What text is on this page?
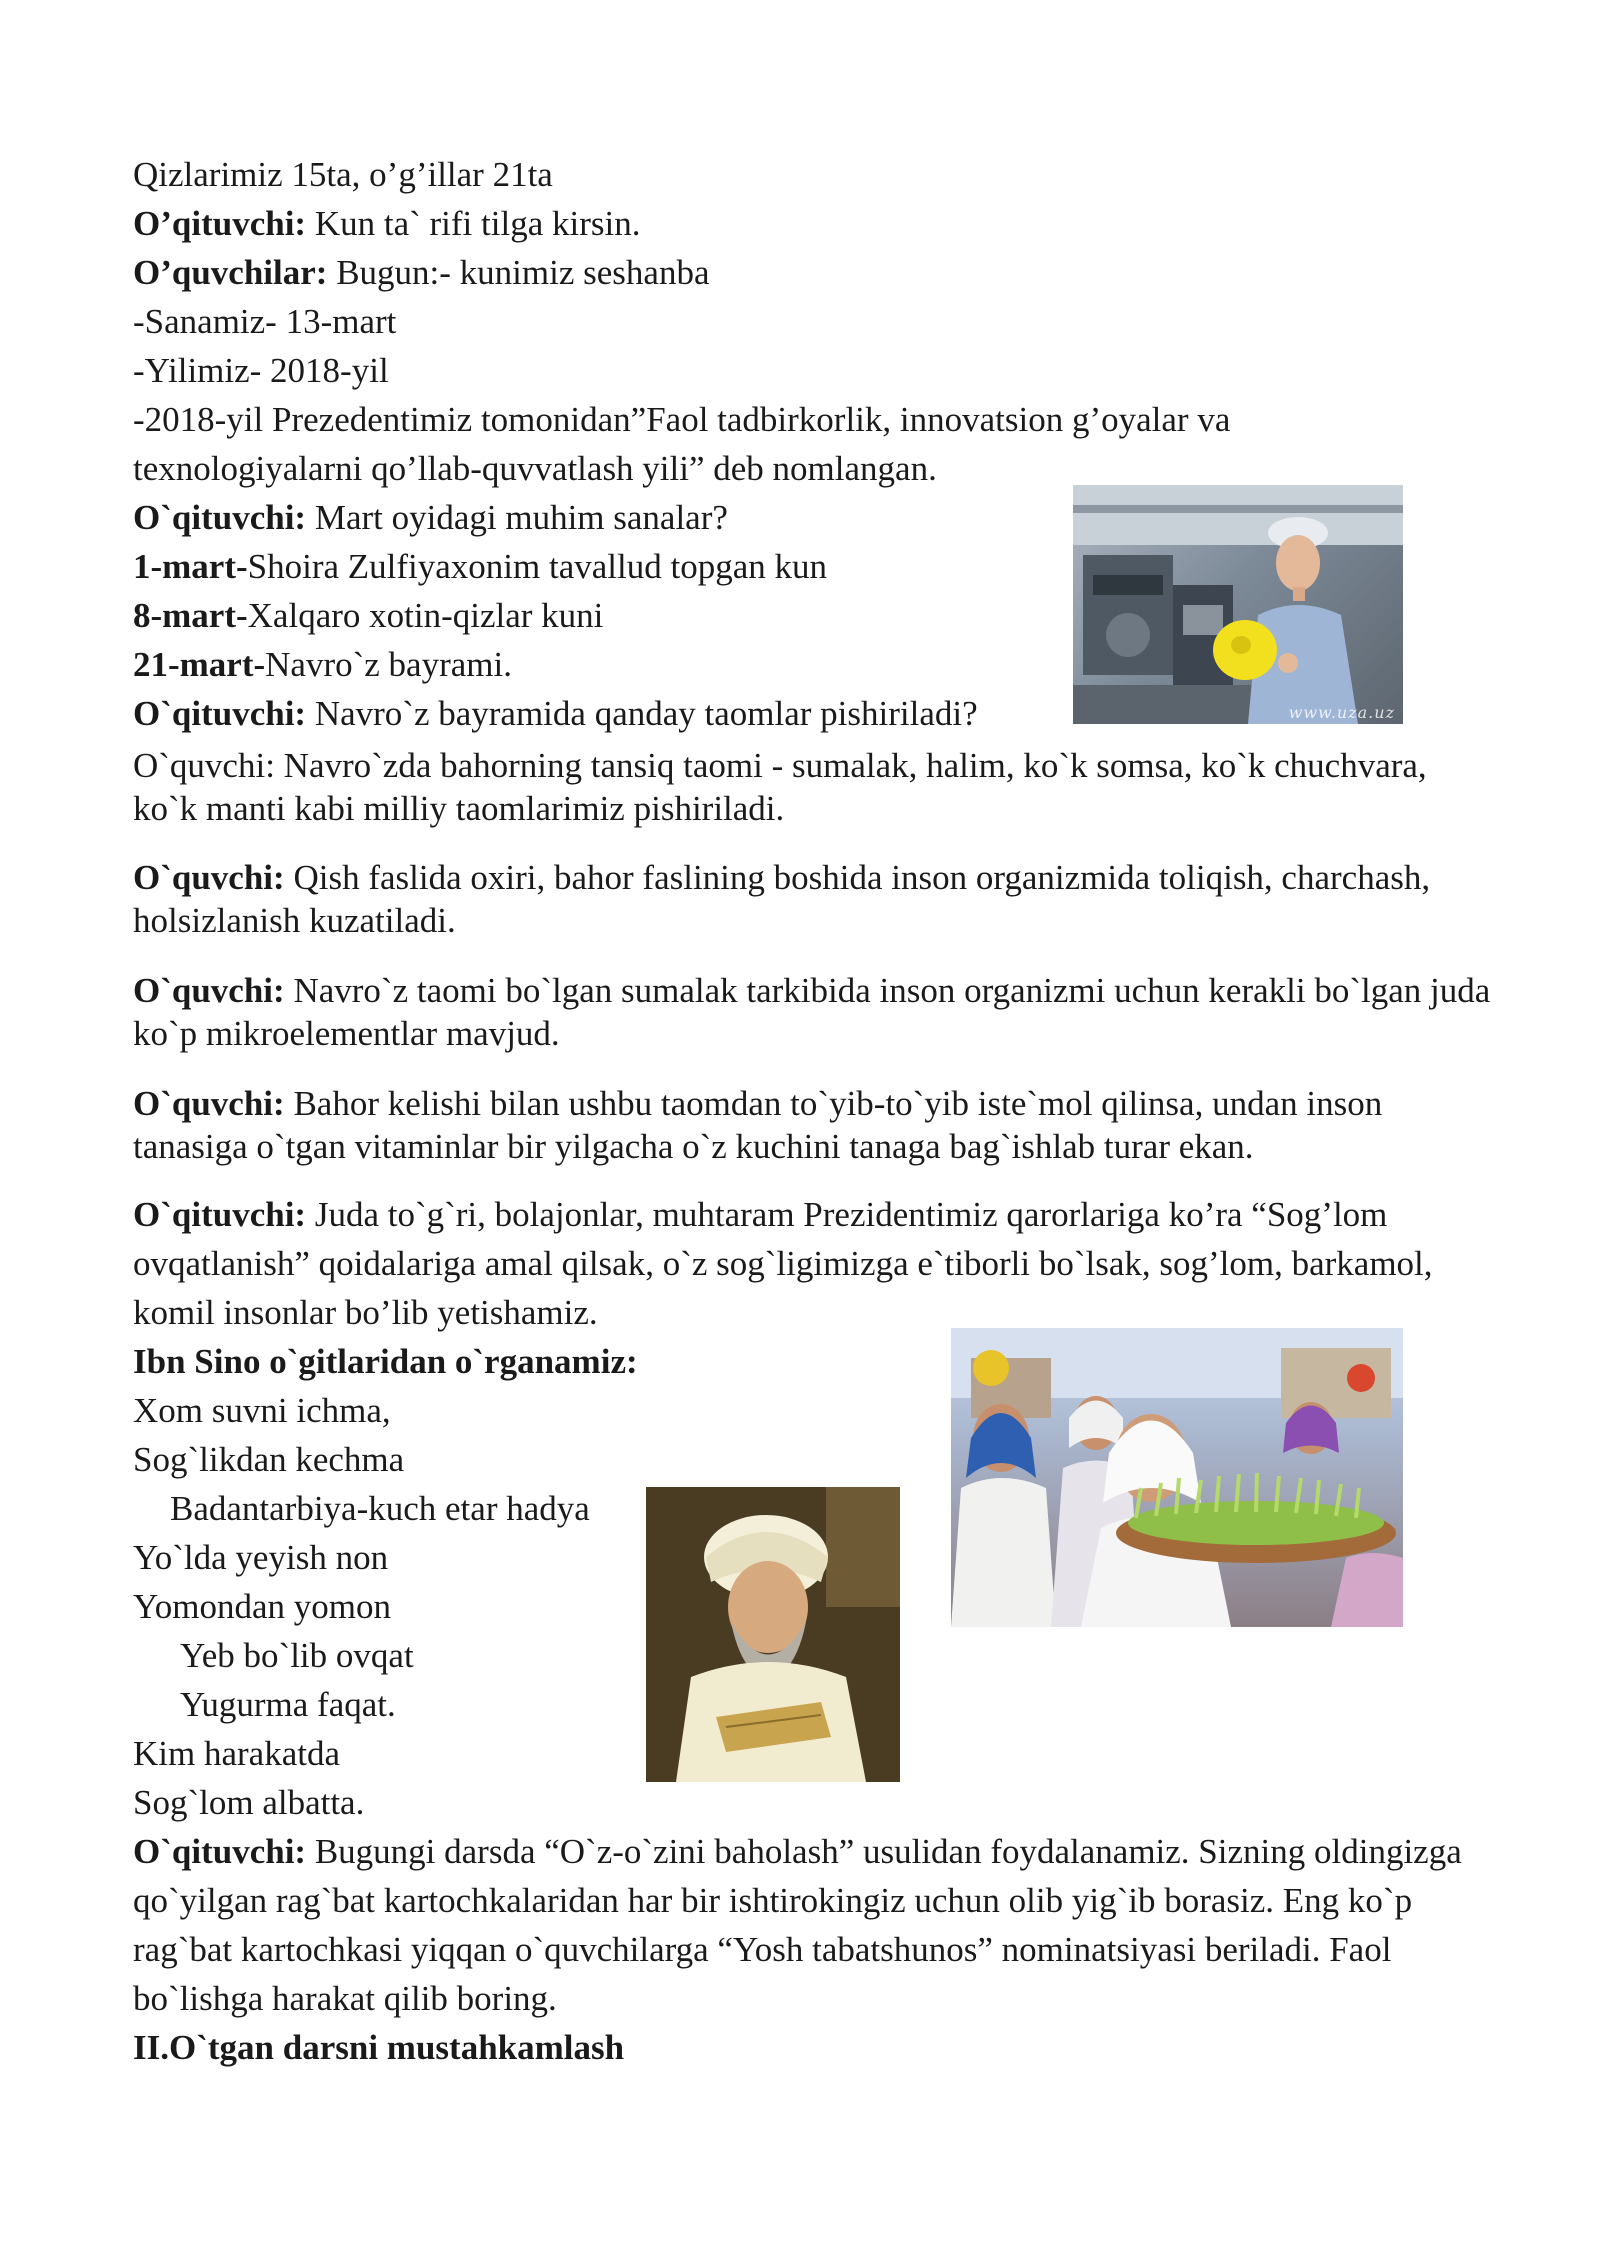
Qizlarimiz 15ta, o’g’illar 21ta
O’qituvchi: Kun ta` rifi tilga kirsin.
O’quvchilar: Bugun:- kunimiz seshanba
-Sanamiz- 13-mart
-Yilimiz- 2018-yil
-2018-yil Prezedentimiz tomonidan”Faol tadbirkorlik, innovatsion g’oyalar va
texnologiyalarni qo’llab-quvvatlash yili” deb nomlangan.
O`qituvchi: Mart oyidagi muhim sanalar?
1-mart-Shoira Zulfiyaxonim tavallud topgan kun
8-mart-Xalqaro xotin-qizlar kuni
21-mart-Navro`z bayrami.
O`qituvchi: Navro`z bayramida qanday taomlar pishiriladi?	www.uza.uz
O`quvchi: Navro`zda bahorning tansiq taomi - sumalak, halim, ko`k somsa, ko`k chuchvara, ko`k manti kabi milliy taomlarimiz pishiriladi.
O`quvchi: Qish faslida oxiri, bahor faslining boshida inson organizmida toliqish, charchash, holsizlanish kuzatiladi.
O`quvchi: Navro`z taomi bo`lgan sumalak tarkibida inson organizmi uchun kerakli bo`lgan juda ko`p mikroelementlar mavjud.
O`quvchi: Bahor kelishi bilan ushbu taomdan to`yib-to`yib iste`mol qilinsa, undan inson tanasiga o`tgan vitaminlar bir yilgacha o`z kuchini tanaga bag`ishlab turar ekan.
O`qituvchi: Juda to`g`ri, bolajonlar, muhtaram Prezidentimiz qarorlariga ko’ra “Sog’lom ovqatlanish” qoidalariga amal qilsak, o`z sog`ligimizga e`tiborli bo`lsak, sog’lom, barkamol, komil insonlar bo’lib yetishamiz.
Ibn Sino o`gitlaridan o`rganamiz:
Xom suvni ichma,
Sog`likdan kechma
Badantarbiya-kuch etar hadya
Yo`lda yeyish non
Yomondan yomon
Yeb bo`lib ovqat
Yugurma faqat.
Kim harakatda
Sog`lom albatta.
O`qituvchi: Bugungi darsda “O`z-o`zini baholash” usulidan foydalanamiz. Sizning oldingizga qo`yilgan rag`bat kartochkalaridan har bir ishtirokingiz uchun olib yig`ib borasiz. Eng ko`p rag`bat kartochkasi yiqqan o`quvchilarga “Yosh tabatshunos” nominatsiyasi beriladi. Faol bo`lishga harakat qilib boring.
II.O`tgan darsni mustahkamlash
